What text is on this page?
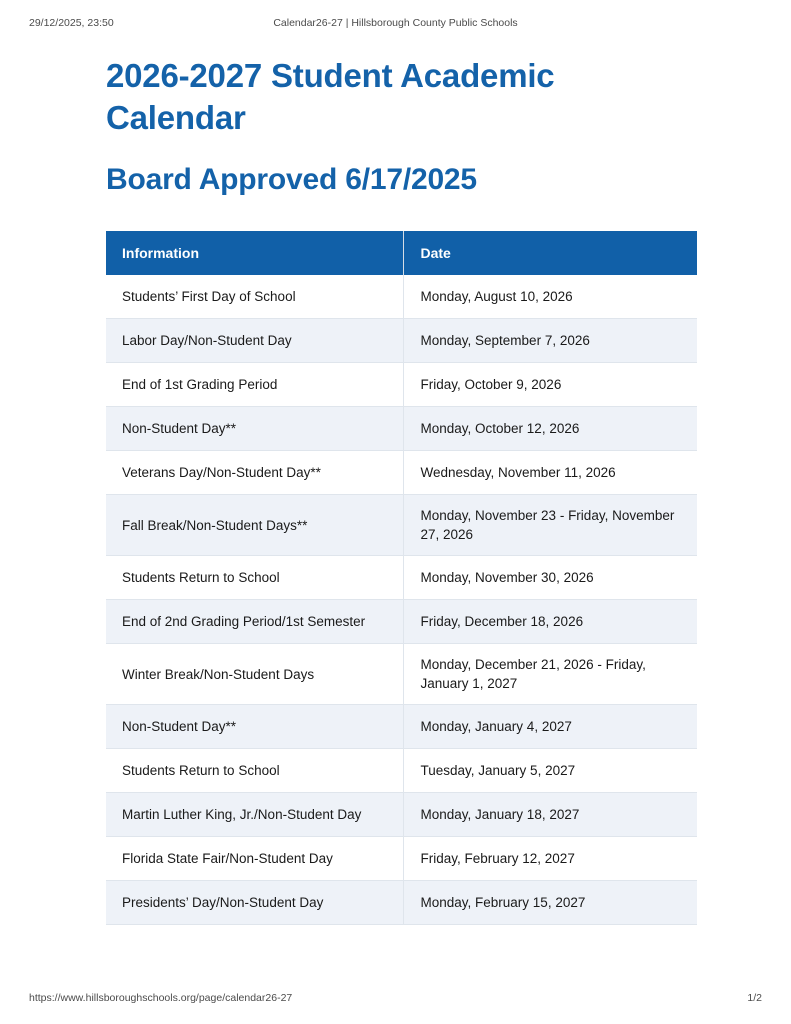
29/12/2025, 23:50	Calendar26-27 | Hillsborough County Public Schools
2026-2027 Student Academic Calendar
Board Approved 6/17/2025
Information	Date
Students’ First Day of School	Monday, August 10, 2026
Labor Day/Non-Student Day	Monday, September 7, 2026
End of 1st Grading Period	Friday, October 9, 2026
Non-Student Day**	Monday, October 12, 2026
Veterans Day/Non-Student Day**	Wednesday, November 11, 2026
Fall Break/Non-Student Days**	Monday, November 23 - Friday, November 27, 2026
Students Return to School	Monday, November 30, 2026
End of 2nd Grading Period/1st Semester	Friday, December 18, 2026
Winter Break/Non-Student Days	Monday, December 21, 2026 - Friday, January 1, 2027
Non-Student Day**	Monday, January 4, 2027
Students Return to School	Tuesday, January 5, 2027
Martin Luther King, Jr./Non-Student Day	Monday, January 18, 2027
Florida State Fair/Non-Student Day	Friday, February 12, 2027
Presidents’ Day/Non-Student Day	Monday, February 15, 2027
https://www.hillsboroughschools.org/page/calendar26-27	1/2
